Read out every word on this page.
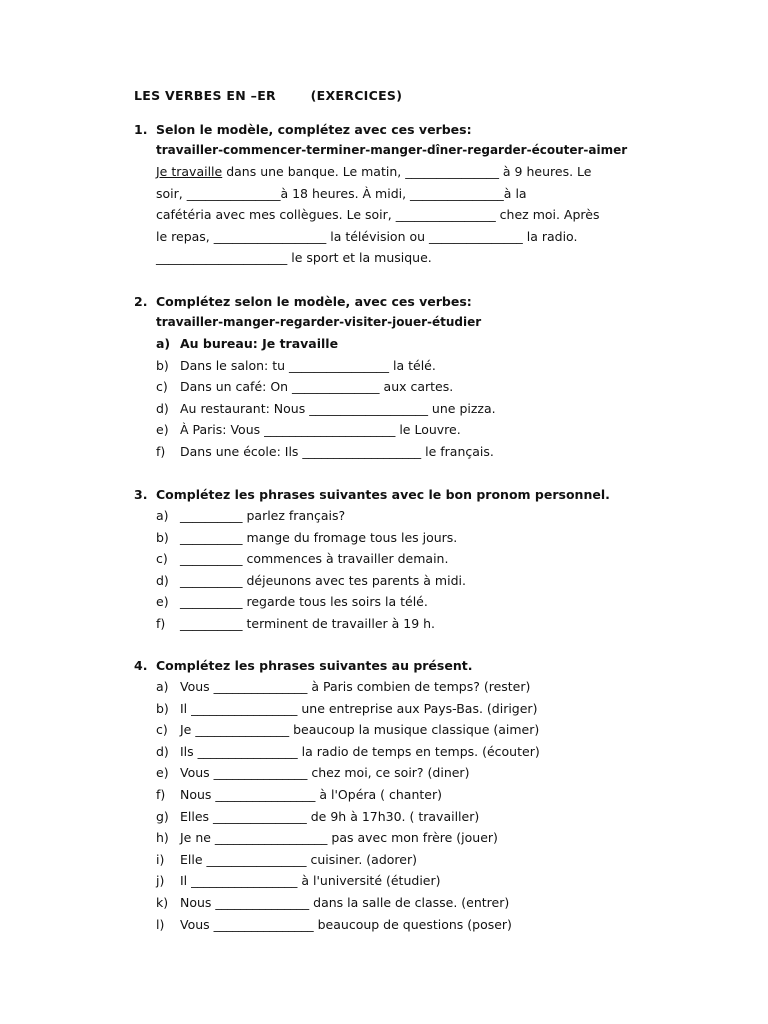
LES VERBES EN –ER	(EXERCICES)
1. Selon le modèle, complétez avec ces verbes:
travailler-commencer-terminer-manger-dîner-regarder-écouter-aimer

Je travaille dans une banque. Le matin, _______________ à 9 heures. Le

soir, _______________à 18 heures. À midi, _______________à la

cafétéria avec mes collègues. Le soir, ________________ chez moi. Après

le repas, __________________ la télévision ou _______________ la radio.

_____________________ le sport et la musique.

2. Complétez selon le modèle, avec ces verbes:
travailler-manger-regarder-visiter-jouer-étudier
a) Au bureau: Je travaille
b) Dans le salon: tu ________________ la télé.
c) Dans un café: On ______________ aux cartes.
d) Au restaurant: Nous ___________________ une pizza.
e) À Paris: Vous _____________________ le Louvre.
f) Dans une école: Ils ___________________ le français.
3. Complétez les phrases suivantes avec le bon pronom personnel.
a) __________ parlez français?
b) __________ mange du fromage tous les jours.
c) __________ commences à travailler demain.
d) __________ déjeunons avec tes parents à midi.
e) __________ regarde tous les soirs la télé.
f) __________ terminent de travailler à 19 h.
4. Complétez les phrases suivantes au présent.
a) Vous _______________ à Paris combien de temps? (rester)
b) Il _________________ une entreprise aux Pays-Bas. (diriger)
c) Je _______________ beaucoup la musique classique (aimer)
d) Ils ________________ la radio de temps en temps. (écouter)
e) Vous _______________ chez moi, ce soir? (diner)
f) Nous ________________ à l'Opéra ( chanter)
g) Elles _______________ de 9h à 17h30. ( travailler)
h) Je ne __________________ pas avec mon frère (jouer)
i) Elle ________________ cuisiner. (adorer)
j) Il _________________ à l'université (étudier)
k) Nous _______________ dans la salle de classe. (entrer)
l) Vous ________________ beaucoup de questions (poser)
